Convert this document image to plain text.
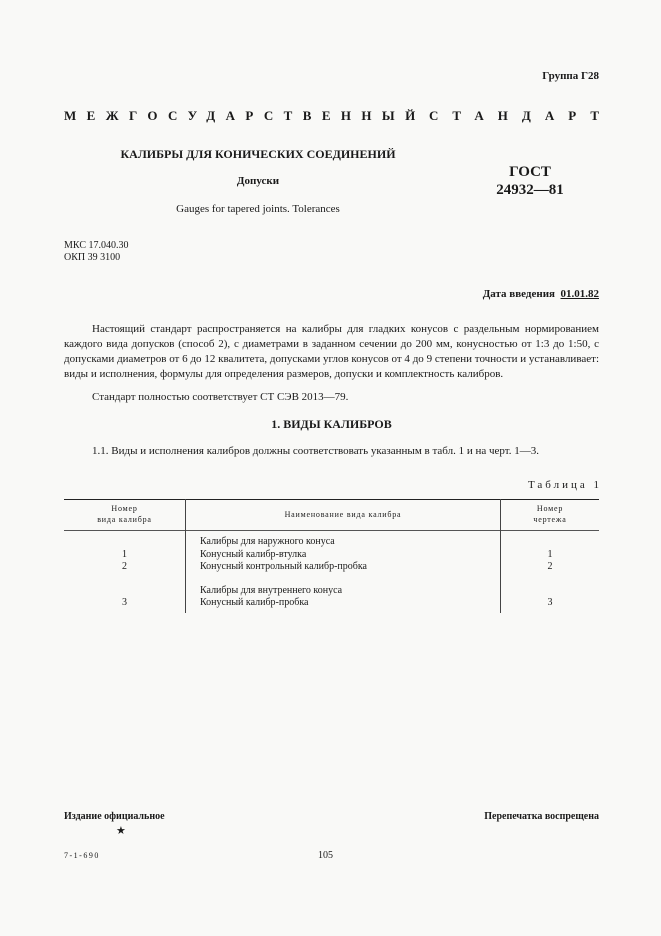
Группа Г28
МЕЖГОСУДАРСТВЕННЫЙ СТАНДАРТ
КАЛИБРЫ ДЛЯ КОНИЧЕСКИХ СОЕДИНЕНИЙ
Допуски
Gauges for tapered joints. Tolerances
ГОСТ
24932—81
МКС 17.040.30
ОКП 39 3100
Дата введения 01.01.82
Настоящий стандарт распространяется на калибры для гладких конусов с раздельным нормированием каждого вида допусков (способ 2), с диаметрами в заданном сечении до 200 мм, конусностью от 1:3 до 1:50, с допусками диаметров от 6 до 12 квалитета, допусками углов конусов от 4 до 9 степени точности и устанавливает: виды и исполнения, формулы для определения размеров, допуски и комплектность калибров.
Стандарт полностью соответствует СТ СЭВ 2013—79.
1. ВИДЫ КАЛИБРОВ
1.1. Виды и исполнения калибров должны соответствовать указанным в табл. 1 и на черт. 1—3.
Таблица 1
Номер
вида калибра
Наименование вида калибра
Номер
чертежа
Калибры для наружного конуса
1	Конусный калибр-втулка	1
2	Конусный контрольный калибр-пробка	2
Калибры для внутреннего конуса
3	Конусный калибр-пробка	3
Издание официальное
★
Перепечатка воспрещена
7-1-690	105
